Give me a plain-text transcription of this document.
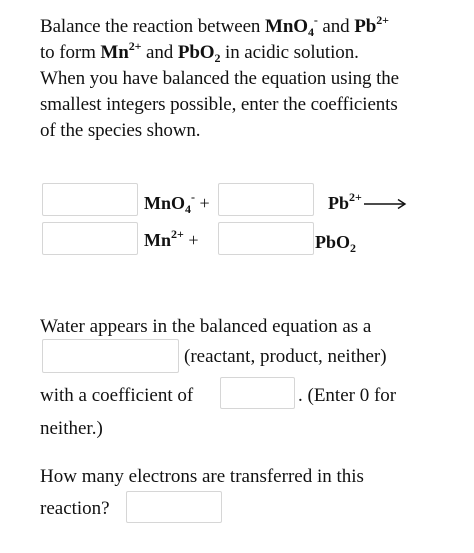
Balance the reaction between MnO$_4$- and $Pb^{2+}$
to form $Mn^{2+}$ and PbO$_2$ in acidic solution.
When you have balanced the equation using the
smallest integers possible, enter the coefficients
of the species shown.
MnO$_4$- +	$Pb^{2+}$ →
$Mn^{2+}$ +	PbO$_2$
Water appears in the balanced equation as a
(reactant, product, neither)
with a coefficient of	. (Enter 0 for
neither.)
How many electrons are transferred in this
reaction?
